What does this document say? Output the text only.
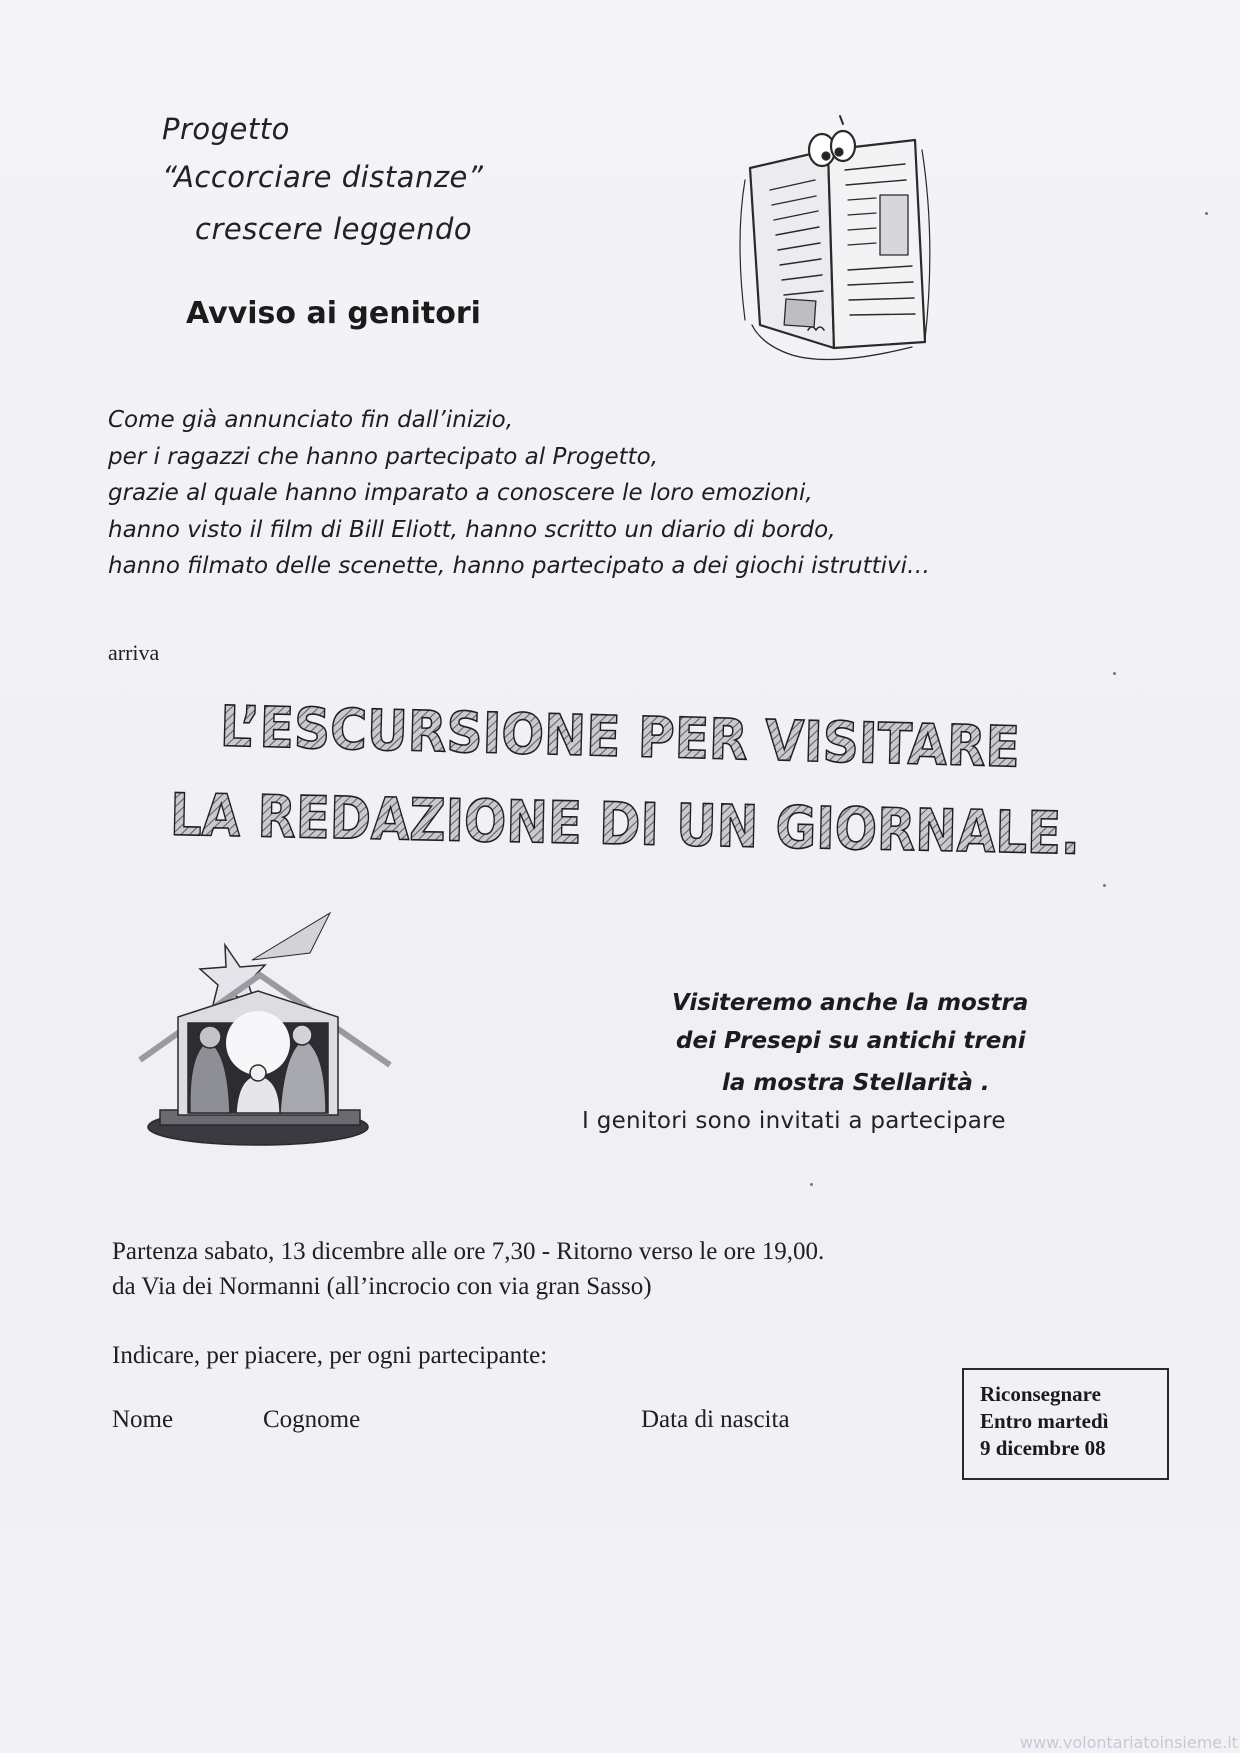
Progetto
“Accorciare distanze”
crescere leggendo
Avviso ai genitori
Come già annunciato fin dall’inizio,
per i ragazzi che hanno partecipato al Progetto,
grazie al quale hanno imparato a conoscere le loro emozioni,
hanno visto il film di Bill Eliott, hanno scritto un diario di bordo,
hanno filmato delle scenette, hanno partecipato a dei giochi istruttivi…
arriva
L’ESCURSIONE PER VISITARE
LA REDAZIONE DI UN GIORNALE.
Visiteremo anche la mostra
dei Presepi su antichi treni
la mostra Stellarità .
I genitori sono invitati a partecipare
Partenza sabato, 13 dicembre alle ore 7,30 - Ritorno verso le ore 19,00.
da Via dei Normanni (all’incrocio con via gran Sasso)
Indicare, per piacere, per ogni partecipante:
Nome	Cognome	Data di nascita
Riconsegnare
Entro martedì
9 dicembre 08
www.volontariatoinsieme.it
